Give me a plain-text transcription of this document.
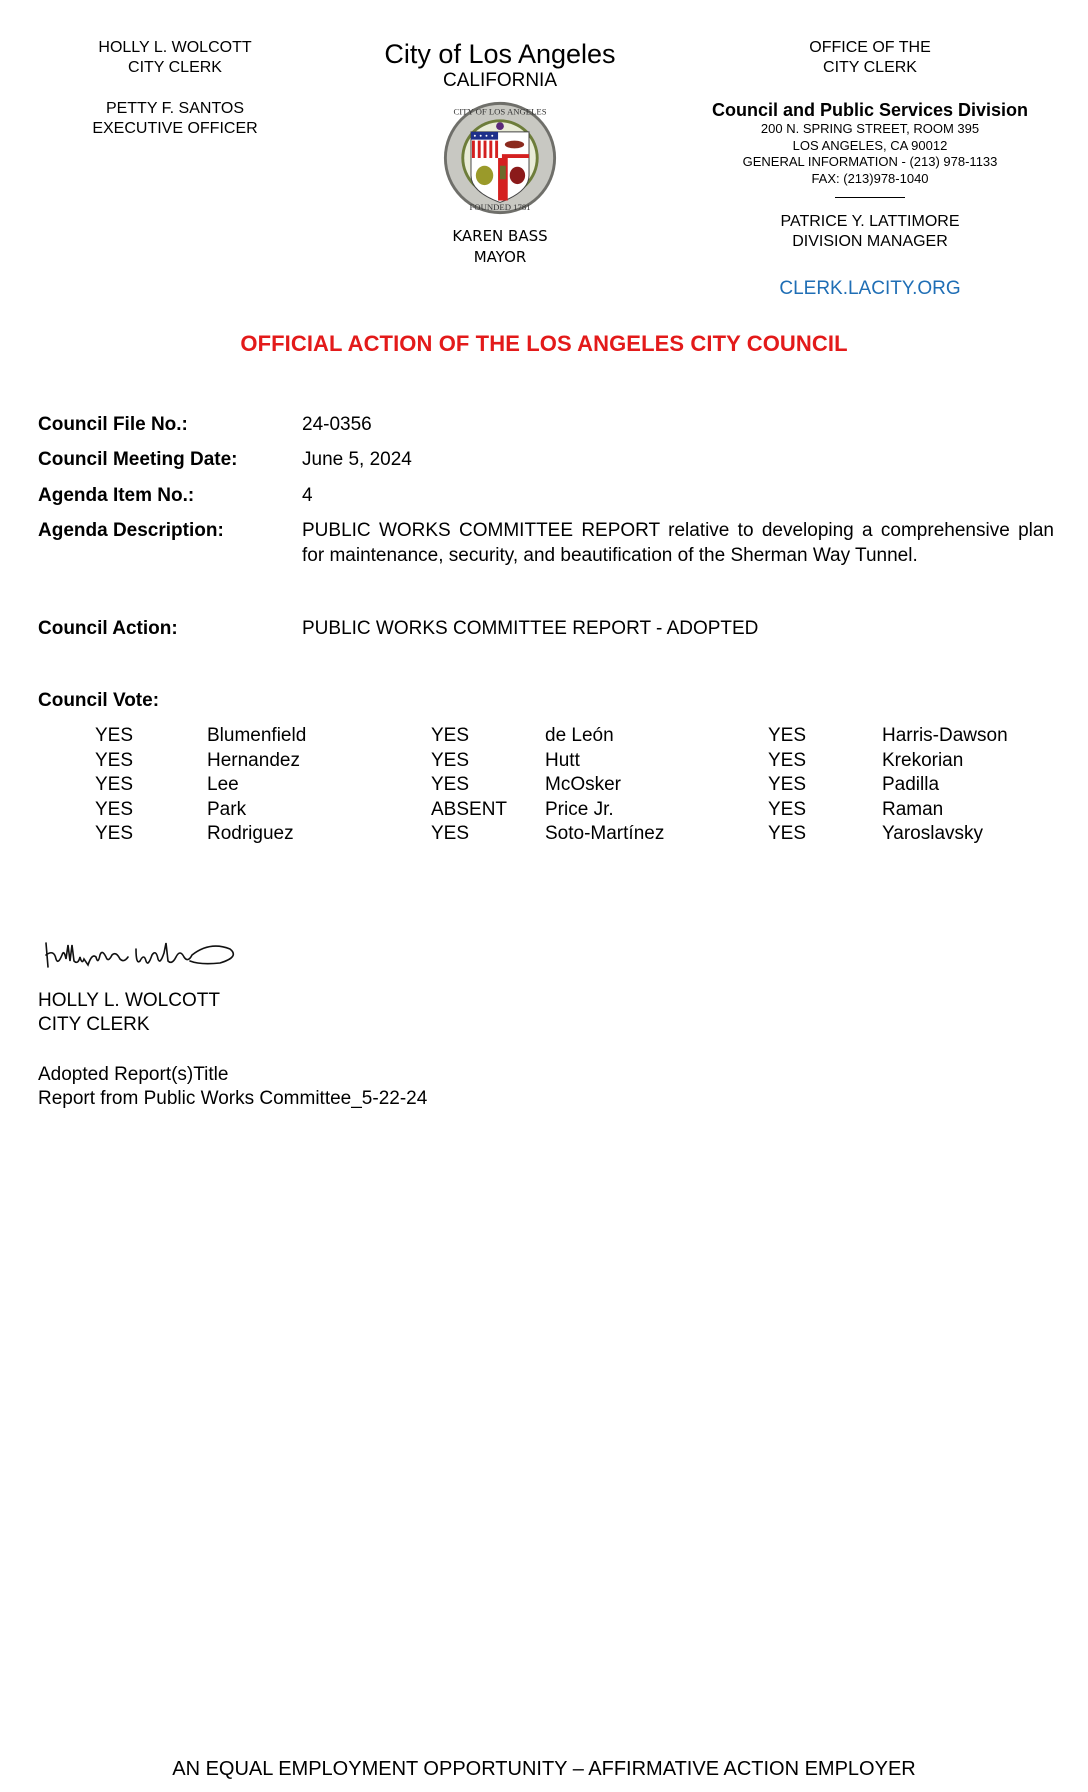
HOLLY L. WOLCOTT
CITY CLERK
PETTY F. SANTOS
EXECUTIVE OFFICER
City of Los Angeles
CALIFORNIA
CITY OF LOS ANGELES
FOUNDED 1781
KAREN BASS
MAYOR
OFFICE OF THE
CITY CLERK
Council and Public Services Division
200 N. SPRING STREET, ROOM 395
LOS ANGELES, CA 90012
GENERAL INFORMATION - (213) 978-1133
FAX: (213)978-1040
PATRICE Y. LATTIMORE
DIVISION MANAGER
CLERK.LACITY.ORG
OFFICIAL ACTION OF THE LOS ANGELES CITY COUNCIL
Council File No.:	24-0356
Council Meeting Date:	June 5, 2024
Agenda Item No.:	4
Agenda Description:	PUBLIC WORKS COMMITTEE REPORT relative to developing a comprehensive plan for maintenance, security, and beautification of the Sherman Way Tunnel.
Council Action:	PUBLIC WORKS COMMITTEE REPORT - ADOPTED
Council Vote:
YES	Blumenfield	YES	de León	YES	Harris-Dawson
YES	Hernandez	YES	Hutt	YES	Krekorian
YES	Lee	YES	McOsker	YES	Padilla
YES	Park	ABSENT Price Jr.	YES	Raman
YES	Rodriguez	YES	Soto-Martínez	YES	Yaroslavsky
HOLLY L. WOLCOTT
CITY CLERK
Adopted Report(s)Title
Report from Public Works Committee_5-22-24
AN EQUAL EMPLOYMENT OPPORTUNITY – AFFIRMATIVE ACTION EMPLOYER
